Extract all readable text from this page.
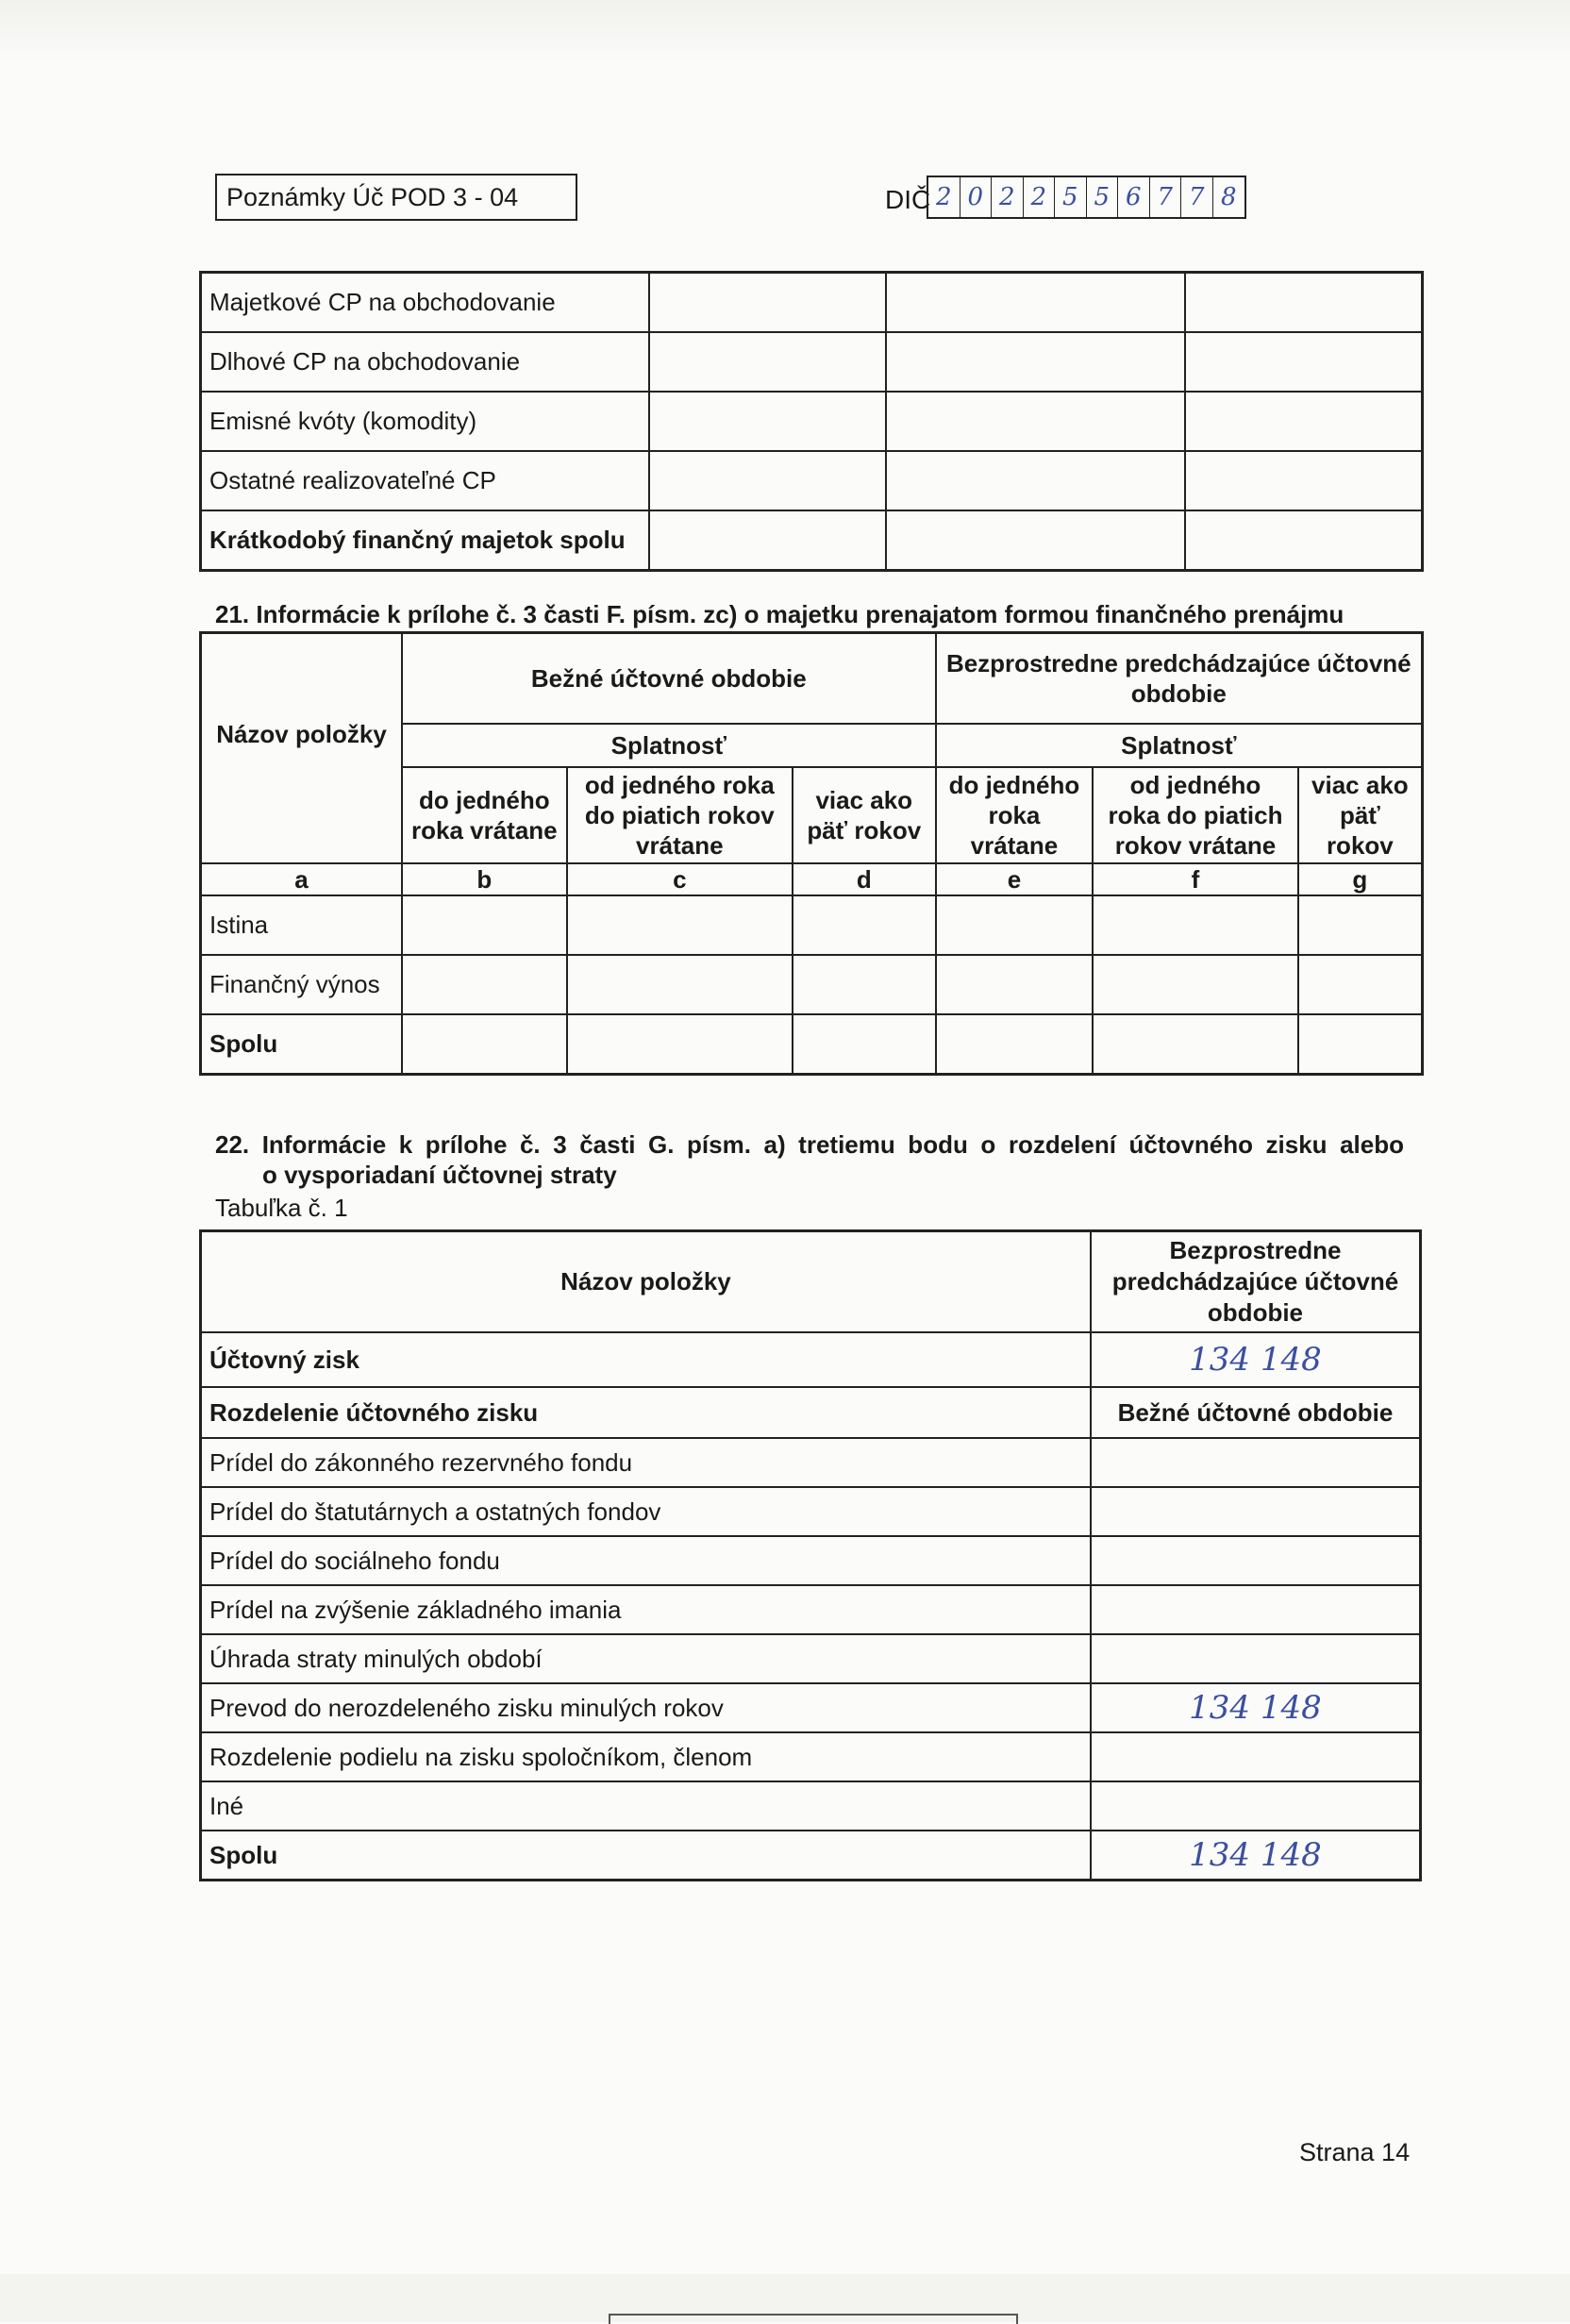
Poznámky Úč POD 3 - 04	DIČ 2 0 2 2 5 5 6 7 7 8
Majetkové CP na obchodovanie			
Dlhové CP na obchodovanie			
Emisné kvóty (komodity)			
Ostatné realizovateľné CP			
Krátkodobý finančný majetok spolu			
21. Informácie k prílohe č. 3 časti F. písm. zc) o majetku prenajatom formou finančného prenájmu
Názov položky	Bežné účtovné obdobie			Bezprostredne predchádzajúce účtovné obdobie		
	Splatnosť			Splatnosť		
	do jedného roka vrátane	od jedného roka do piatich rokov vrátane	viac ako päť rokov	do jedného roka vrátane	od jedného roka do piatich rokov vrátane	viac ako päť rokov
a	b	c	d	e	f	g
Istina						
Finančný výnos						
Spolu						
22. Informácie k prílohe č. 3 časti G. písm. a) tretiemu bodu o rozdelení účtovného zisku alebo
o vysporiadaní účtovnej straty
Tabuľka č. 1
Názov položky	Bezprostredne predchádzajúce účtovné obdobie
Účtovný zisk	134 148
Rozdelenie účtovného zisku	Bežné účtovné obdobie
Prídel do zákonného rezervného fondu	
Prídel do štatutárnych a ostatných fondov	
Prídel do sociálneho fondu	
Prídel na zvýšenie základného imania	
Úhrada straty minulých období	
Prevod do nerozdeleného zisku minulých rokov	134 148
Rozdelenie podielu na zisku spoločníkom, členom	
Iné	
Spolu	134 148
Strana 14
